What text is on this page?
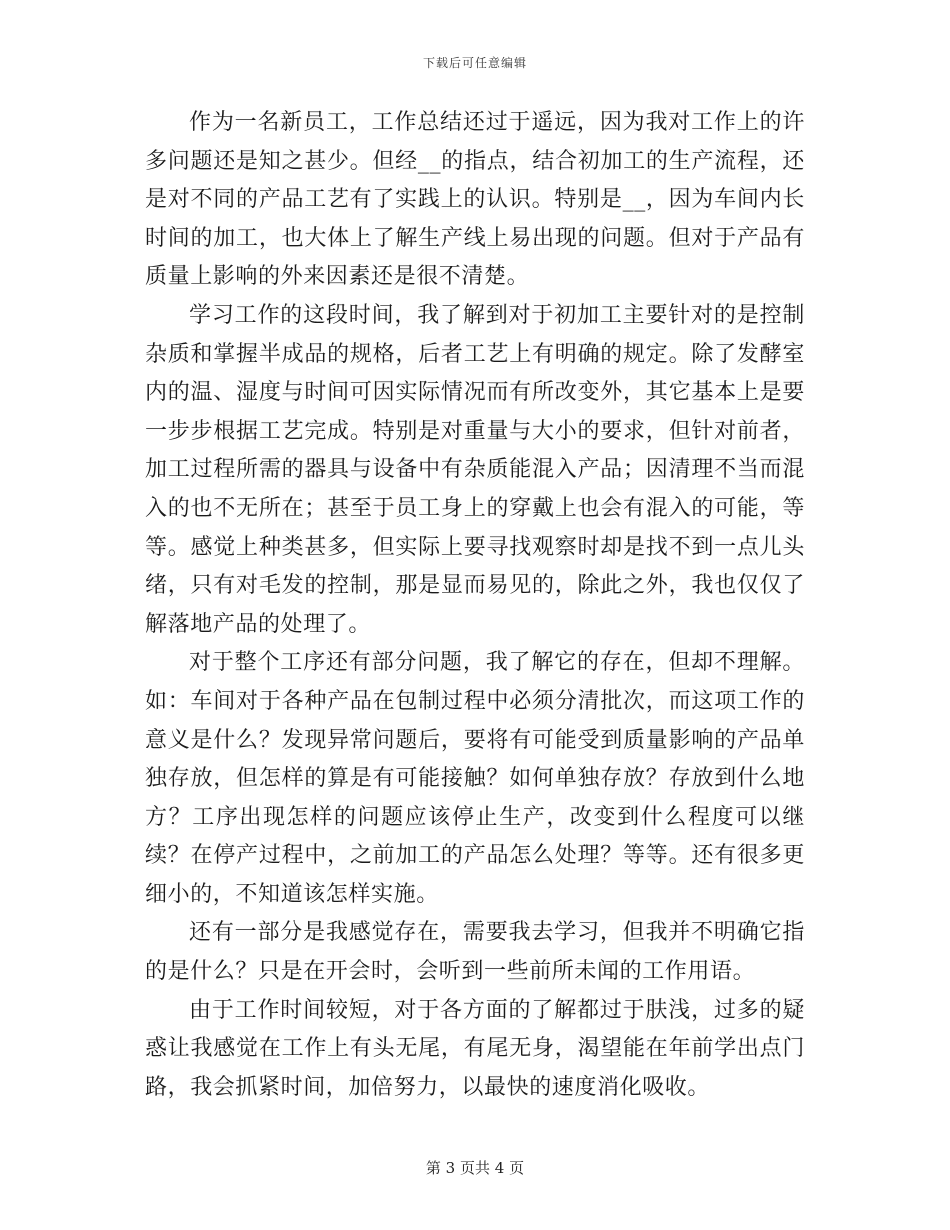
下载后可任意编辑

作为一名新员工，工作总结还过于遥远，因为我对工作上的许多问题还是知之甚少。但经__的指点，结合初加工的生产流程，还是对不同的产品工艺有了实践上的认识。特别是__，因为车间内长时间的加工，也大体上了解生产线上易出现的问题。但对于产品有质量上影响的外来因素还是很不清楚。

学习工作的这段时间，我了解到对于初加工主要针对的是控制杂质和掌握半成品的规格，后者工艺上有明确的规定。除了发酵室内的温、湿度与时间可因实际情况而有所改变外，其它基本上是要一步步根据工艺完成。特别是对重量与大小的要求，但针对前者，加工过程所需的器具与设备中有杂质能混入产品；因清理不当而混入的也不无所在；甚至于员工身上的穿戴上也会有混入的可能，等等。感觉上种类甚多，但实际上要寻找观察时却是找不到一点儿头绪，只有对毛发的控制，那是显而易见的，除此之外，我也仅仅了解落地产品的处理了。

对于整个工序还有部分问题，我了解它的存在，但却不理解。如：车间对于各种产品在包制过程中必须分清批次，而这项工作的意义是什么？发现异常问题后，要将有可能受到质量影响的产品单独存放，但怎样的算是有可能接触？如何单独存放？存放到什么地方？工序出现怎样的问题应该停止生产，改变到什么程度可以继续？在停产过程中，之前加工的产品怎么处理？等等。还有很多更细小的，不知道该怎样实施。

还有一部分是我感觉存在，需要我去学习，但我并不明确它指的是什么？只是在开会时，会听到一些前所未闻的工作用语。

由于工作时间较短，对于各方面的了解都过于肤浅，过多的疑惑让我感觉在工作上有头无尾，有尾无身，渴望能在年前学出点门路，我会抓紧时间，加倍努力，以最快的速度消化吸收。

第 3 页共 4 页
